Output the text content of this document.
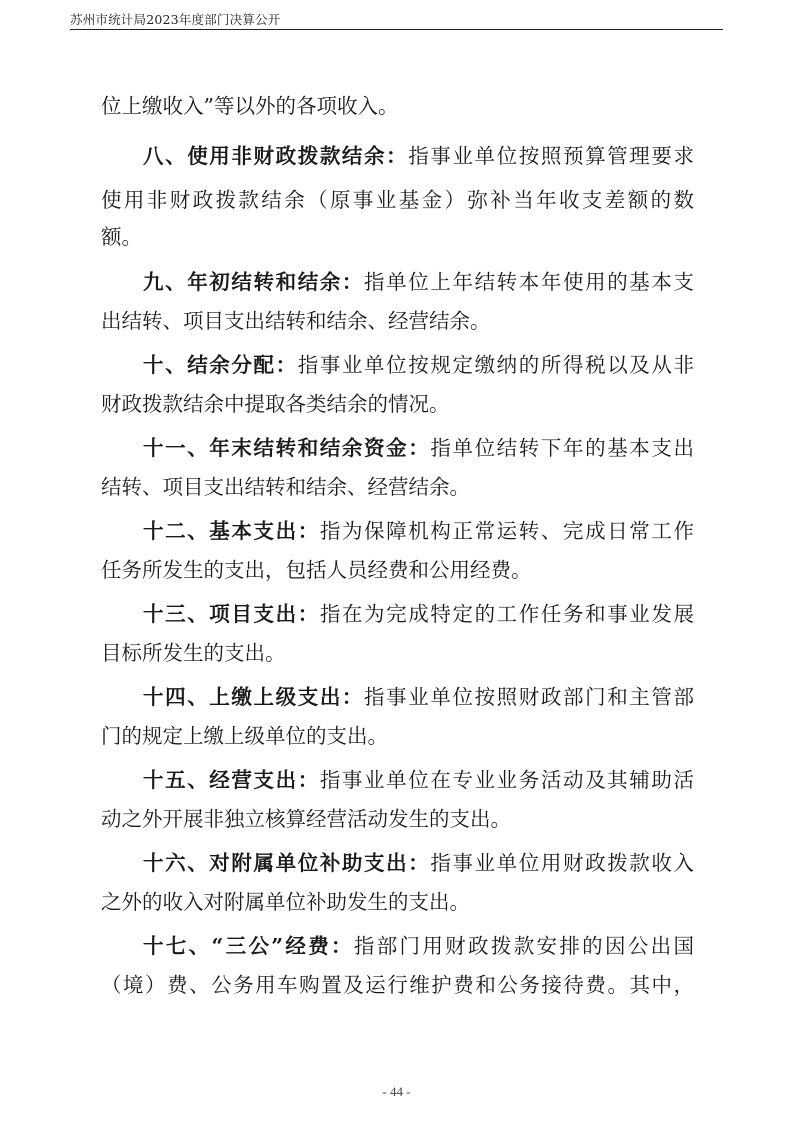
苏州市统计局2023年度部门决算公开
位上缴收入”等以外的各项收入。
八、使用非财政拨款结余：指事业单位按照预算管理要求
使用非财政拨款结余（原事业基金）弥补当年收支差额的数
额。
九、年初结转和结余：指单位上年结转本年使用的基本支
出结转、项目支出结转和结余、经营结余。
十、结余分配：指事业单位按规定缴纳的所得税以及从非
财政拨款结余中提取各类结余的情况。
十一、年末结转和结余资金：指单位结转下年的基本支出
结转、项目支出结转和结余、经营结余。
十二、基本支出：指为保障机构正常运转、完成日常工作
任务所发生的支出，包括人员经费和公用经费。
十三、项目支出：指在为完成特定的工作任务和事业发展
目标所发生的支出。
十四、上缴上级支出：指事业单位按照财政部门和主管部
门的规定上缴上级单位的支出。
十五、经营支出：指事业单位在专业业务活动及其辅助活
动之外开展非独立核算经营活动发生的支出。
十六、对附属单位补助支出：指事业单位用财政拨款收入
之外的收入对附属单位补助发生的支出。
十七、“三公”经费：指部门用财政拨款安排的因公出国
（境）费、公务用车购置及运行维护费和公务接待费。其中，
- 44 -
